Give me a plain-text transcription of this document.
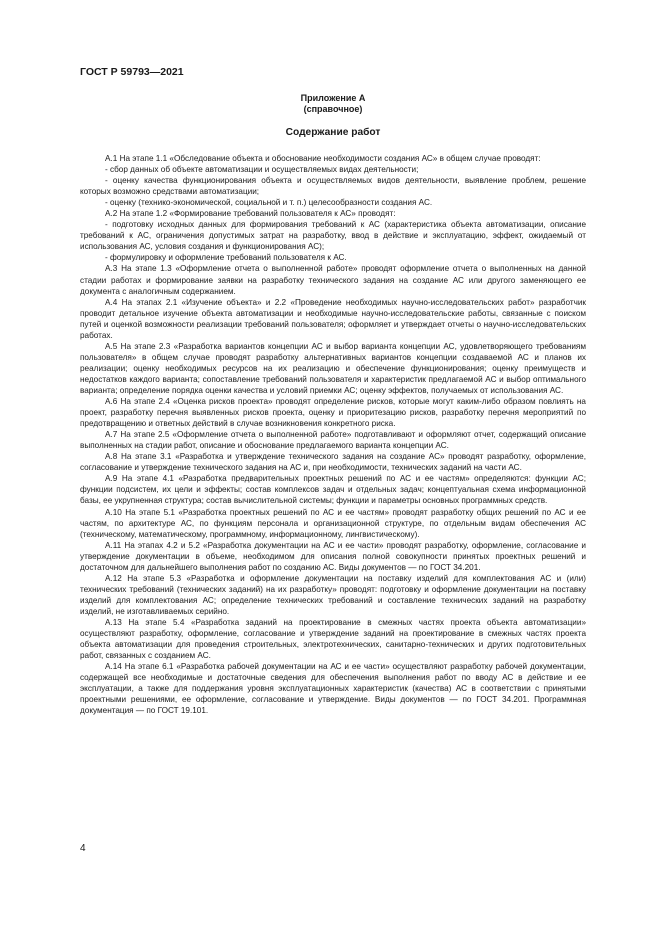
ГОСТ Р 59793—2021
Приложение А
(справочное)
Содержание работ

А.1 На этапе 1.1 «Обследование объекта и обоснование необходимости создания АС» в общем случае проводят:

- сбор данных об объекте автоматизации и осуществляемых видах деятельности;

- оценку качества функционирования объекта и осуществляемых видов деятельности, выявление проблем, решение которых возможно средствами автоматизации;

- оценку (технико-экономической, социальной и т. п.) целесообразности создания АС.

А.2 На этапе 1.2 «Формирование требований пользователя к АС» проводят:

- подготовку исходных данных для формирования требований к АС (характеристика объекта автоматизации, описание требований к АС, ограничения допустимых затрат на разработку, ввод в действие и эксплуатацию, эффект, ожидаемый от использования АС, условия создания и функционирования АС);

- формулировку и оформление требований пользователя к АС.

А.3 На этапе 1.3 «Оформление отчета о выполненной работе» проводят оформление отчета о выполненных на данной стадии работах и формирование заявки на разработку технического задания на создание АС или другого заменяющего ее документа с аналогичным содержанием.

А.4 На этапах 2.1 «Изучение объекта» и 2.2 «Проведение необходимых научно-исследовательских работ» разработчик проводит детальное изучение объекта автоматизации и необходимые научно-исследовательские работы, связанные с поиском путей и оценкой возможности реализации требований пользователя; оформляет и утверждает отчеты о научно-исследовательских работах.

А.5 На этапе 2.3 «Разработка вариантов концепции АС и выбор варианта концепции АС, удовлетворяющего требованиям пользователя» в общем случае проводят разработку альтернативных вариантов концепции создаваемой АС и планов их реализации; оценку необходимых ресурсов на их реализацию и обеспечение функционирования; оценку преимуществ и недостатков каждого варианта; сопоставление требований пользователя и характеристик предлагаемой АС и выбор оптимального варианта; определение порядка оценки качества и условий приемки АС; оценку эффектов, получаемых от использования АС.

А.6 На этапе 2.4 «Оценка рисков проекта» проводят определение рисков, которые могут каким-либо образом повлиять на проект, разработку перечня выявленных рисков проекта, оценку и приоритезацию рисков, разработку перечня мероприятий по предотвращению и ответных действий в случае возникновения конкретного риска.

А.7 На этапе 2.5 «Оформление отчета о выполненной работе» подготавливают и оформляют отчет, содержащий описание выполненных на стадии работ, описание и обоснование предлагаемого варианта концепции АС.

А.8 На этапе 3.1 «Разработка и утверждение технического задания на создание АС» проводят разработку, оформление, согласование и утверждение технического задания на АС и, при необходимости, технических заданий на части АС.

А.9 На этапе 4.1 «Разработка предварительных проектных решений по АС и ее частям» определяются: функции АС; функции подсистем, их цели и эффекты; состав комплексов задач и отдельных задач; концептуальная схема информационной базы, ее укрупненная структура; состав вычислительной системы; функции и параметры основных программных средств.

А.10 На этапе 5.1 «Разработка проектных решений по АС и ее частям» проводят разработку общих решений по АС и ее частям, по архитектуре АС, по функциям персонала и организационной структуре, по отдельным видам обеспечения АС (техническому, математическому, программному, информационному, лингвистическому).

А.11 На этапах 4.2 и 5.2 «Разработка документации на АС и ее части» проводят разработку, оформление, согласование и утверждение документации в объеме, необходимом для описания полной совокупности принятых проектных решений и достаточном для дальнейшего выполнения работ по созданию АС. Виды документов — по ГОСТ 34.201.

А.12 На этапе 5.3 «Разработка и оформление документации на поставку изделий для комплектования АС и (или) технических требований (технических заданий) на их разработку» проводят: подготовку и оформление документации на поставку изделий для комплектования АС; определение технических требований и составление технических заданий на разработку изделий, не изготавливаемых серийно.

А.13 На этапе 5.4 «Разработка заданий на проектирование в смежных частях проекта объекта автоматизации» осуществляют разработку, оформление, согласование и утверждение заданий на проектирование в смежных частях проекта объекта автоматизации для проведения строительных, электротехнических, санитарно-технических и других подготовительных работ, связанных с созданием АС.

А.14 На этапе 6.1 «Разработка рабочей документации на АС и ее части» осуществляют разработку рабочей документации, содержащей все необходимые и достаточные сведения для обеспечения выполнения работ по вводу АС в действие и ее эксплуатации, а также для поддержания уровня эксплуатационных характеристик (качества) АС в соответствии с принятыми проектными решениями, ее оформление, согласование и утверждение. Виды документов — по ГОСТ 34.201. Программная документация — по ГОСТ 19.101.

4
